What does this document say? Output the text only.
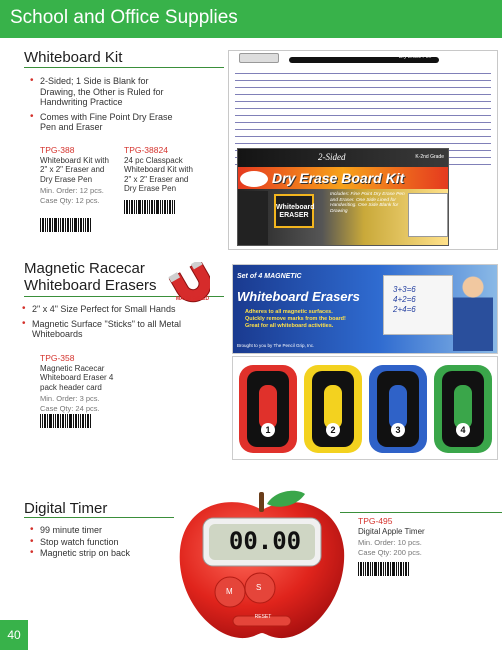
School and Office Supplies
Whiteboard Kit
• 2-Sided; 1 Side is Blank for Drawing, the Other is Ruled for Handwriting Practice
• Comes with Fine Point Dry Erase Pen and Eraser
TPG-388
Whiteboard Kit with 2" x 2" Eraser and Dry Erase Pen
Min. Order: 12 pcs.
Case Qty: 12 pcs.
TPG-38824
24 pc Classpack Whiteboard Kit with 2" x 2" Eraser and Dry Erase Pen
Dry Erase Pen
2-Sided	K-2nd Grade
Dry Erase Board Kit
Whiteboard ERASER
Includes: Fine Point Dry Erase Pen and Eraser. One Side Lined for Handwriting. One Side Blank for Drawing
Magnetic Racecar Whiteboard Erasers
MAGNETIZED
• 2" x 4" Size Perfect for Small Hands
• Magnetic Surface "Sticks" to all Metal Whiteboards
TPG-358
Magnetic Racecar Whiteboard Eraser 4 pack header card
Min. Order: 3 pcs.
Case Qty: 24 pcs.
Set of 4 MAGNETIC
Whiteboard Erasers
Adheres to all magnetic surfaces.
Quickly remove marks from the board!
Great for all whiteboard activities.
Brought to you by The Pencil Grip, Inc.
3+3=6
4+2=6
2+4=6
1	2	3	4
Digital Timer
• 99 minute timer
• Stop watch function
• Magnetic strip on back
TPG-495
Digital Apple Timer
Min. Order: 10 pcs.
Case Qty: 200 pcs.
00.00
M	S
RESET
40
